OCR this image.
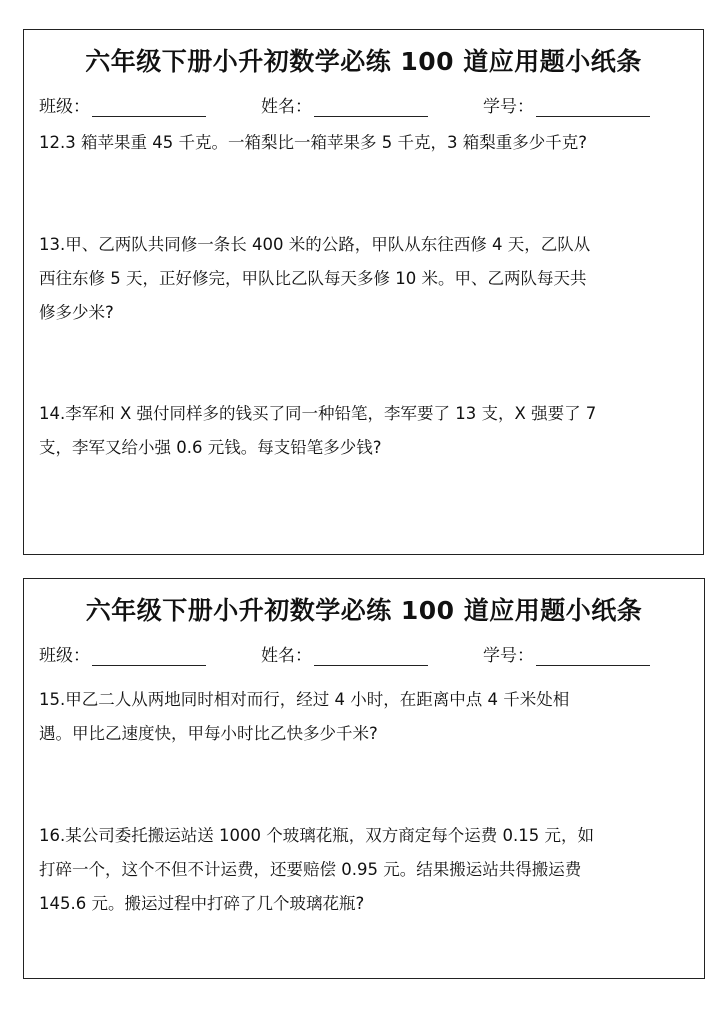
六年级下册小升初数学必练 100 道应用题小纸条
班级：	姓名：	学号：
12.3 箱苹果重 45 千克。一箱梨比一箱苹果多 5 千克，3 箱梨重多少千克?
13.甲、乙两队共同修一条长 400 米的公路，甲队从东往西修 4 天，乙队从
西往东修 5 天，正好修完，甲队比乙队每天多修 10 米。甲、乙两队每天共
修多少米?
14.李军和 X 强付同样多的钱买了同一种铅笔，李军要了 13 支，X 强要了 7
支，李军又给小强 0.6 元钱。每支铅笔多少钱?
六年级下册小升初数学必练 100 道应用题小纸条
班级：	姓名：	学号：
15.甲乙二人从两地同时相对而行，经过 4 小时，在距离中点 4 千米处相
遇。甲比乙速度快，甲每小时比乙快多少千米?
16.某公司委托搬运站送 1000 个玻璃花瓶，双方商定每个运费 0.15 元，如
打碎一个，这个不但不计运费，还要赔偿 0.95 元。结果搬运站共得搬运费
145.6 元。搬运过程中打碎了几个玻璃花瓶?
